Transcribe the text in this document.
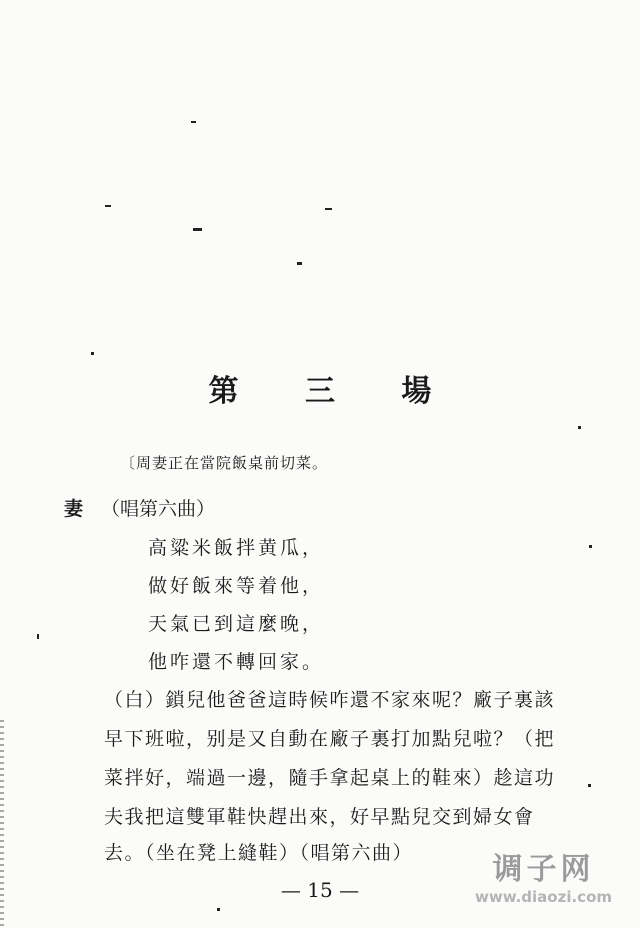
第 三 場
〔周妻正在當院飯桌前切菜。
妻 （唱第六曲）
高粱米飯拌黄瓜，
做好飯來等着他，
天氣已到這麼晚，
他咋還不轉回家。
（白）鎖兒他爸爸這時候咋還不家來呢？廠子裏該
早下班啦，别是又自動在廠子裏打加點兒啦？（把
菜拌好，端過一邊，隨手拿起桌上的鞋來）趁這功
夫我把這雙軍鞋快趕出來，好早點兒交到婦女會
去。（坐在凳上縫鞋）（唱第六曲）
— 15 —
调子网
www.diaozi.com
